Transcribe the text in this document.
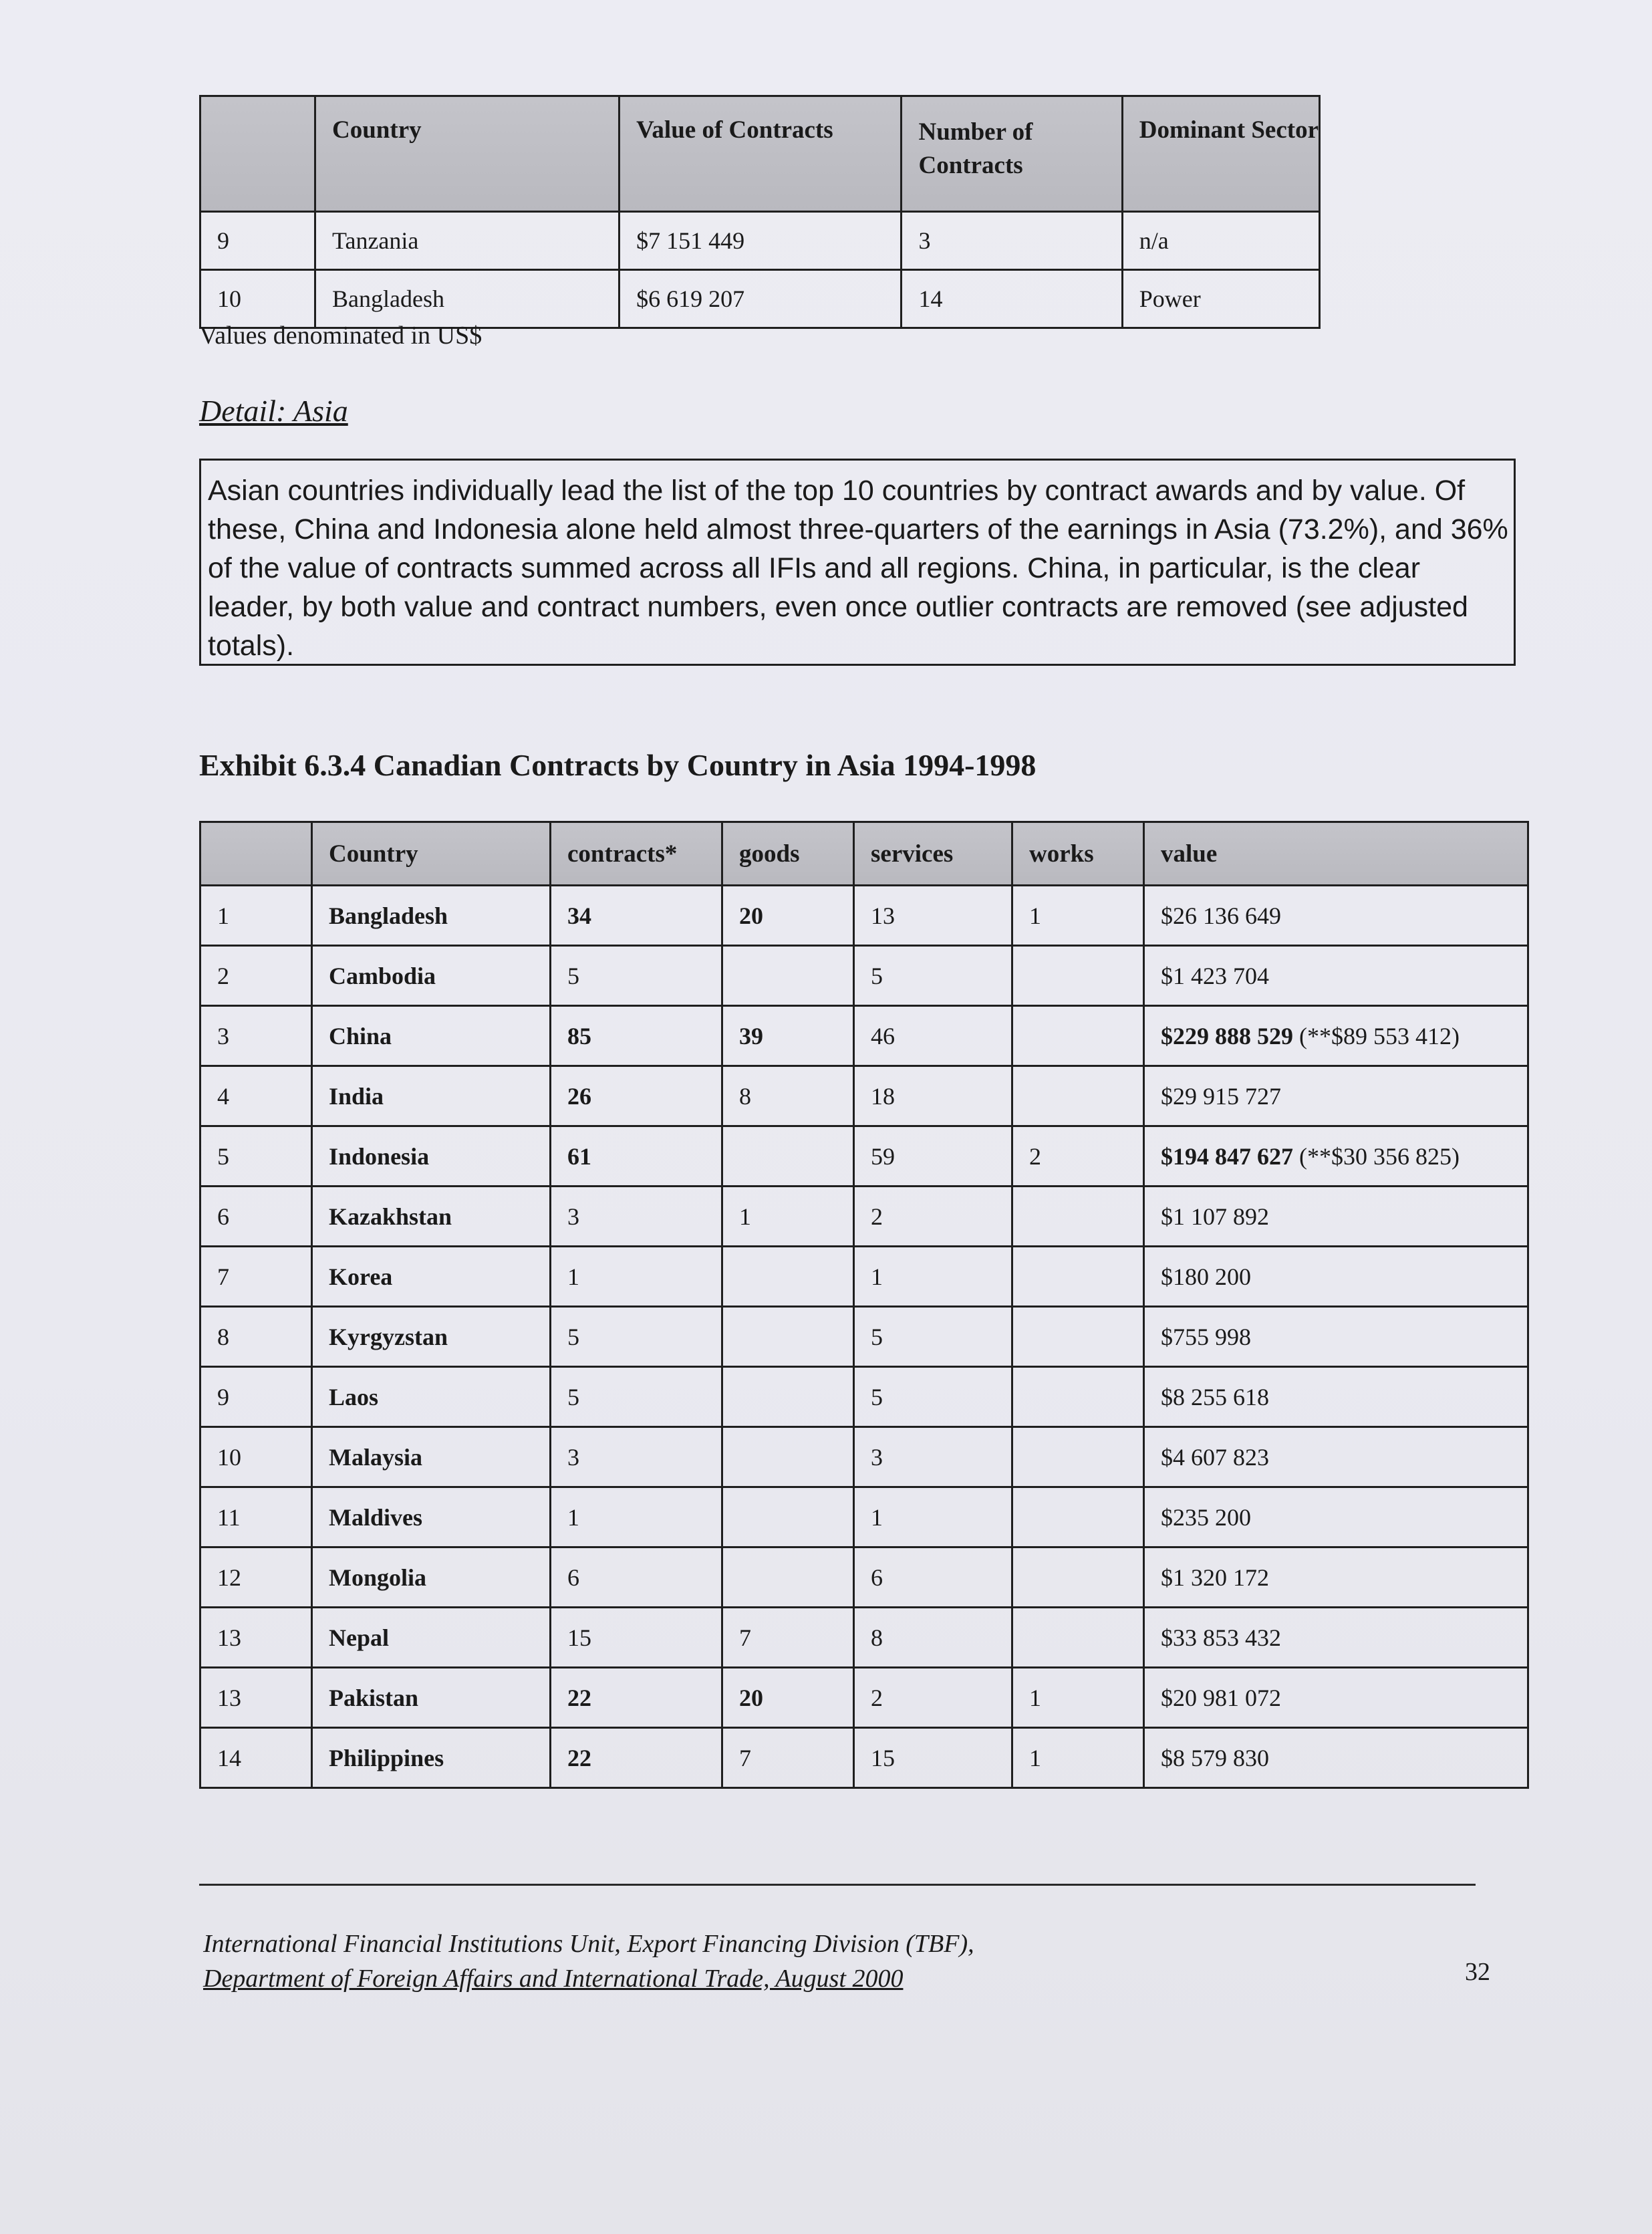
	Country	Value of Contracts	Number of Contracts	Dominant Sector
9	Tanzania	$7 151 449	3	n/a
10	Bangladesh	$6 619 207	14	Power
Values denominated in US$
Detail: Asia
Asian countries individually lead the list of the top 10 countries by contract awards and by value. Of these, China and Indonesia alone held almost three-quarters of the earnings in Asia (73.2%), and 36% of the value of contracts summed across all IFIs and all regions. China, in particular, is the clear leader, by both value and contract numbers, even once outlier contracts are removed (see adjusted totals).
Exhibit 6.3.4 Canadian Contracts by Country in Asia 1994-1998
	Country	contracts*	goods	services	works	value
1	Bangladesh	34	20	13	1	$26 136 649
2	Cambodia	5		5		$1 423 704
3	China	85	39	46		$229 888 529 (**$89 553 412)
4	India	26	8	18		$29 915 727
5	Indonesia	61		59	2	$194 847 627 (**$30 356 825)
6	Kazakhstan	3	1	2		$1 107 892
7	Korea	1		1		$180 200
8	Kyrgyzstan	5		5		$755 998
9	Laos	5		5		$8 255 618
10	Malaysia	3		3		$4 607 823
11	Maldives	1		1		$235 200
12	Mongolia	6		6		$1 320 172
13	Nepal	15	7	8		$33 853 432
13	Pakistan	22	20	2	1	$20 981 072
14	Philippines	22	7	15	1	$8 579 830
International Financial Institutions Unit, Export Financing Division (TBF),
Department of Foreign Affairs and International Trade, August 2000	32
